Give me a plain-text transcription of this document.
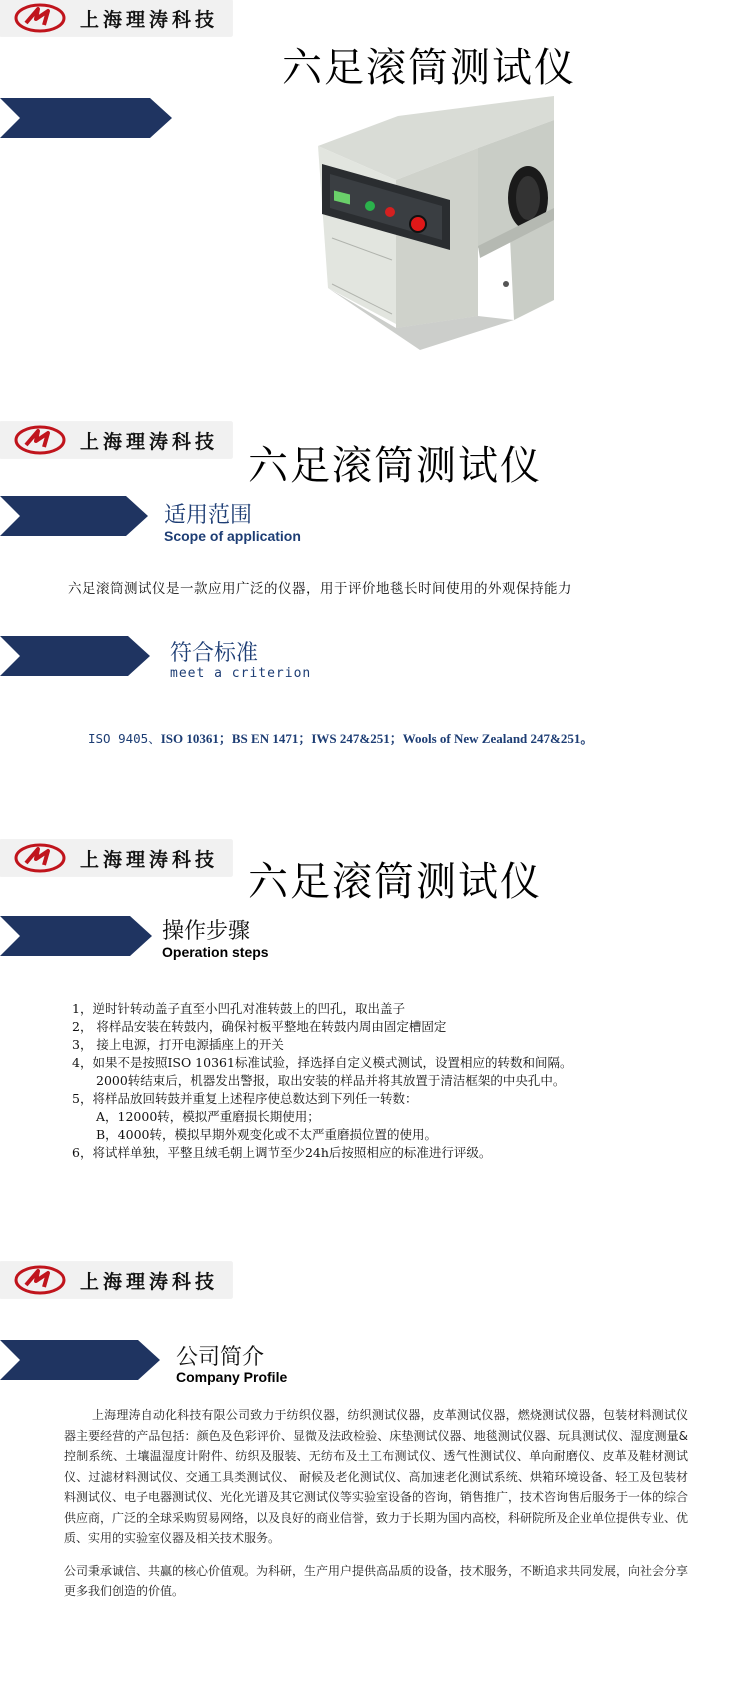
上海理涛科技
六足滚筒测试仪
上海理涛科技
六足滚筒测试仪
适用范围
Scope of application
六足滚筒测试仪是一款应用广泛的仪器，用于评价地毯长时间使用的外观保持能力
符合标准
meet a criterion
ISO 9405、ISO 10361；BS EN 1471；IWS 247&251；Wools of New Zealand 247&251。
上海理涛科技 六足滚筒测试仪
操作步骤
Operation steps
1，逆时针转动盖子直至小凹孔对准转鼓上的凹孔，取出盖子
2， 将样品安装在转鼓内，确保衬板平整地在转鼓内周由固定槽固定
3， 接上电源，打开电源插座上的开关
4，如果不是按照ISO 10361标准试验，择选择自定义模式测试，设置相应的转数和间隔。
2000转结束后，机器发出警报，取出安装的样品并将其放置于清洁框架的中央孔中。
5，将样品放回转鼓并重复上述程序使总数达到下列任一转数：
A，12000转，模拟严重磨损长期使用；
B，4000转，模拟早期外观变化或不太严重磨损位置的使用。
6，将试样单独，平整且绒毛朝上调节至少24h后按照相应的标准进行评级。
上海理涛科技
公司简介
Company Profile

上海理涛自动化科技有限公司致力于纺织仪器，纺织测试仪器，皮革测试仪器，燃烧测试仪器，包装材料测试仪器主要经营的产品包括：颜色及色彩评价、显微及法政检验、床垫测试仪器、地毯测试仪器、玩具测试仪、湿度测量&控制系统、土壤温湿度计附件、纺织及服装、无纺布及土工布测试仪、透气性测试仪、单向耐磨仪、皮革及鞋材测试仪、过滤材料测试仪、交通工具类测试仪、 耐候及老化测试仪、高加速老化测试系统、烘箱环境设备、轻工及包装材料测试仪、电子电器测试仪、光化光谱及其它测试仪等实验室设备的咨询，销售推广，技术咨询售后服务于一体的综合供应商，广泛的全球采购贸易网络，以及良好的商业信誉，致力于长期为国内高校，科研院所及企业单位提供专业、优质、实用的实验室仪器及相关技术服务。

公司秉承诚信、共赢的核心价值观。为科研，生产用户提供高品质的设备，技术服务，不断追求共同发展，向社会分享更多我们创造的价值。
